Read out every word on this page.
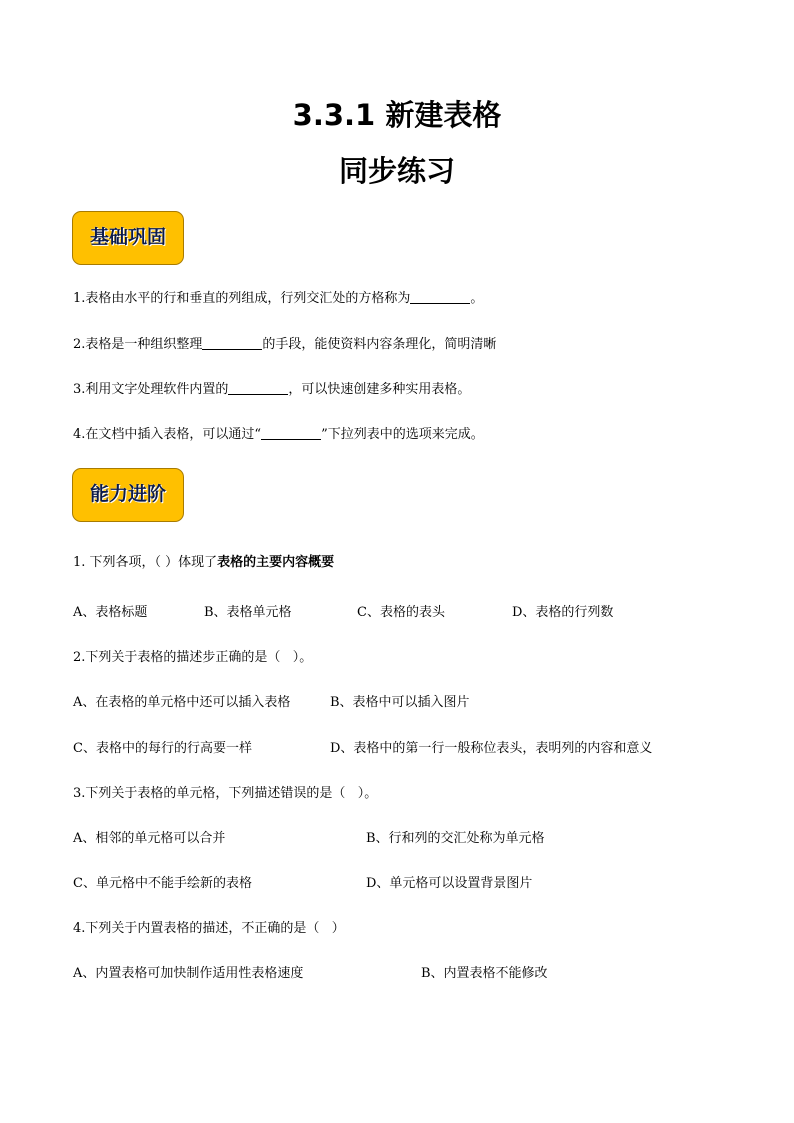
3.3.1 新建表格
同步练习
基础巩固
1.表格由水平的行和垂直的列组成，行列交汇处的方格称为	。
2.表格是一种组织整理	的手段，能使资料内容条理化，简明清晰
3.利用文字处理软件内置的	，可以快速创建多种实用表格。
4.在文档中插入表格，可以通过“	”下拉列表中的选项来完成。
能力进阶
1. 下列各项，（ ）体现了表格的主要内容概要
A、表格标题	B、表格单元格	C、表格的表头	D、表格的行列数
2.下列关于表格的描述步正确的是（   ）。
A、在表格的单元格中还可以插入表格	B、表格中可以插入图片
C、表格中的每行的行高要一样	D、表格中的第一行一般称位表头，表明列的内容和意义
3.下列关于表格的单元格，下列描述错误的是（   ）。
A、相邻的单元格可以合并	B、行和列的交汇处称为单元格
C、单元格中不能手绘新的表格	D、单元格可以设置背景图片
4.下列关于内置表格的描述，不正确的是（   ）
A、内置表格可加快制作适用性表格速度	B、内置表格不能修改
